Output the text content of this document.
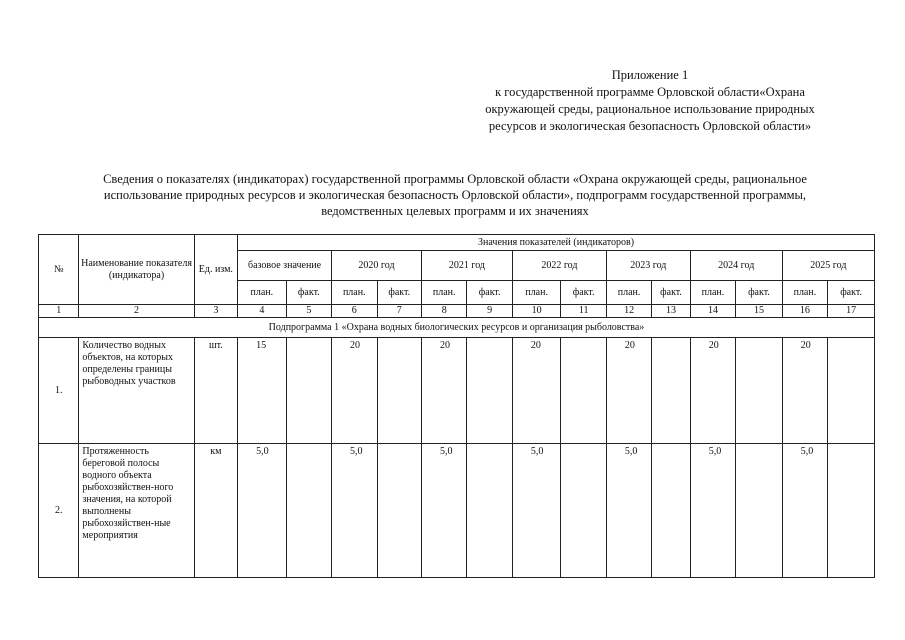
Приложение 1
к государственной программе Орловской области«Охрана
окружающей среды, рациональное использование природных
ресурсов и экологическая безопасность Орловской области»
Сведения о показателях (индикаторах) государственной программы Орловской области «Охрана окружающей среды, рациональное
использование природных ресурсов и экологическая безопасность Орловской области», подпрограмм государственной программы,
ведомственных целевых программ и их значениях
№	Наименование показателя (индикатора)	Ед. изм.	Значения показателей (индикаторов)													
			базовое значение		2020 год		2021 год		2022 год		2023 год		2024 год		2025 год	
			план.	факт.	план.	факт.	план.	факт.	план.	факт.	план.	факт.	план.	факт.	план.	факт.
1	2	3	4	5	6	7	8	9	10	11	12	13	14	15	16	17
Подпрограмма 1 «Охрана водных биологических ресурсов и организация рыболовства»																
1.	Количество водных объектов, на которых определены границы рыбоводных участков	шт.	15		20		20		20		20		20		20	
2.	Протяженность береговой полосы водного объекта рыбохозяйствен-ного значения, на которой выполнены рыбохозяйствен-ные мероприятия	км	5,0		5,0		5,0		5,0		5,0		5,0		5,0	
